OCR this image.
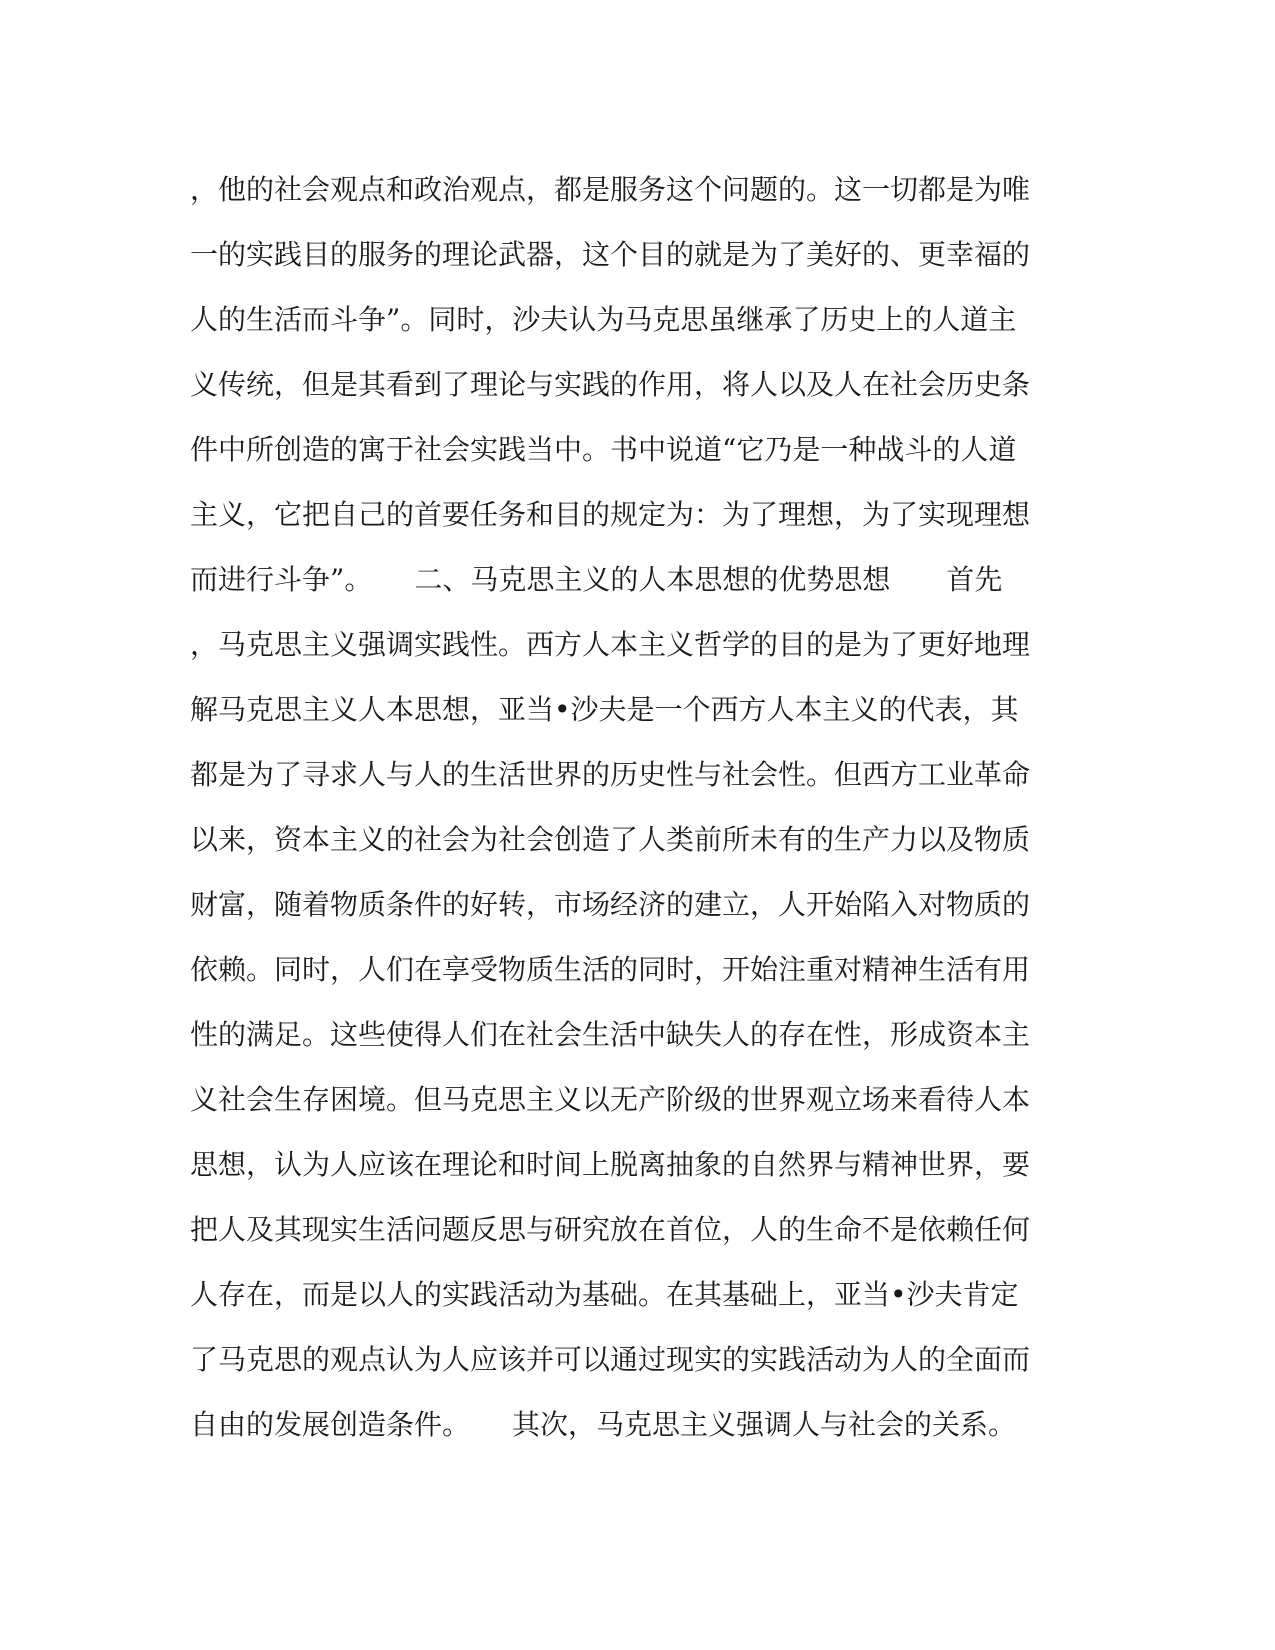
，他的社会观点和政治观点，都是服务这个问题的。这一切都是为唯
一的实践目的服务的理论武器，这个目的就是为了美好的、更幸福的
人的生活而斗争”。同时，沙夫认为马克思虽继承了历史上的人道主
义传统，但是其看到了理论与实践的作用，将人以及人在社会历史条
件中所创造的寓于社会实践当中。书中说道“它乃是一种战斗的人道
主义，它把自己的首要任务和目的规定为：为了理想，为了实现理想
而进行斗争”。　　二、马克思主义的人本思想的优势思想　　首先
，马克思主义强调实践性。西方人本主义哲学的目的是为了更好地理
解马克思主义人本思想，亚当•沙夫是一个西方人本主义的代表，其
都是为了寻求人与人的生活世界的历史性与社会性。但西方工业革命
以来，资本主义的社会为社会创造了人类前所未有的生产力以及物质
财富，随着物质条件的好转，市场经济的建立，人开始陷入对物质的
依赖。同时，人们在享受物质生活的同时，开始注重对精神生活有用
性的满足。这些使得人们在社会生活中缺失人的存在性，形成资本主
义社会生存困境。但马克思主义以无产阶级的世界观立场来看待人本
思想，认为人应该在理论和时间上脱离抽象的自然界与精神世界，要
把人及其现实生活问题反思与研究放在首位，人的生命不是依赖任何
人存在，而是以人的实践活动为基础。在其基础上，亚当•沙夫肯定
了马克思的观点认为人应该并可以通过现实的实践活动为人的全面而
自由的发展创造条件。　　其次，马克思主义强调人与社会的关系。
